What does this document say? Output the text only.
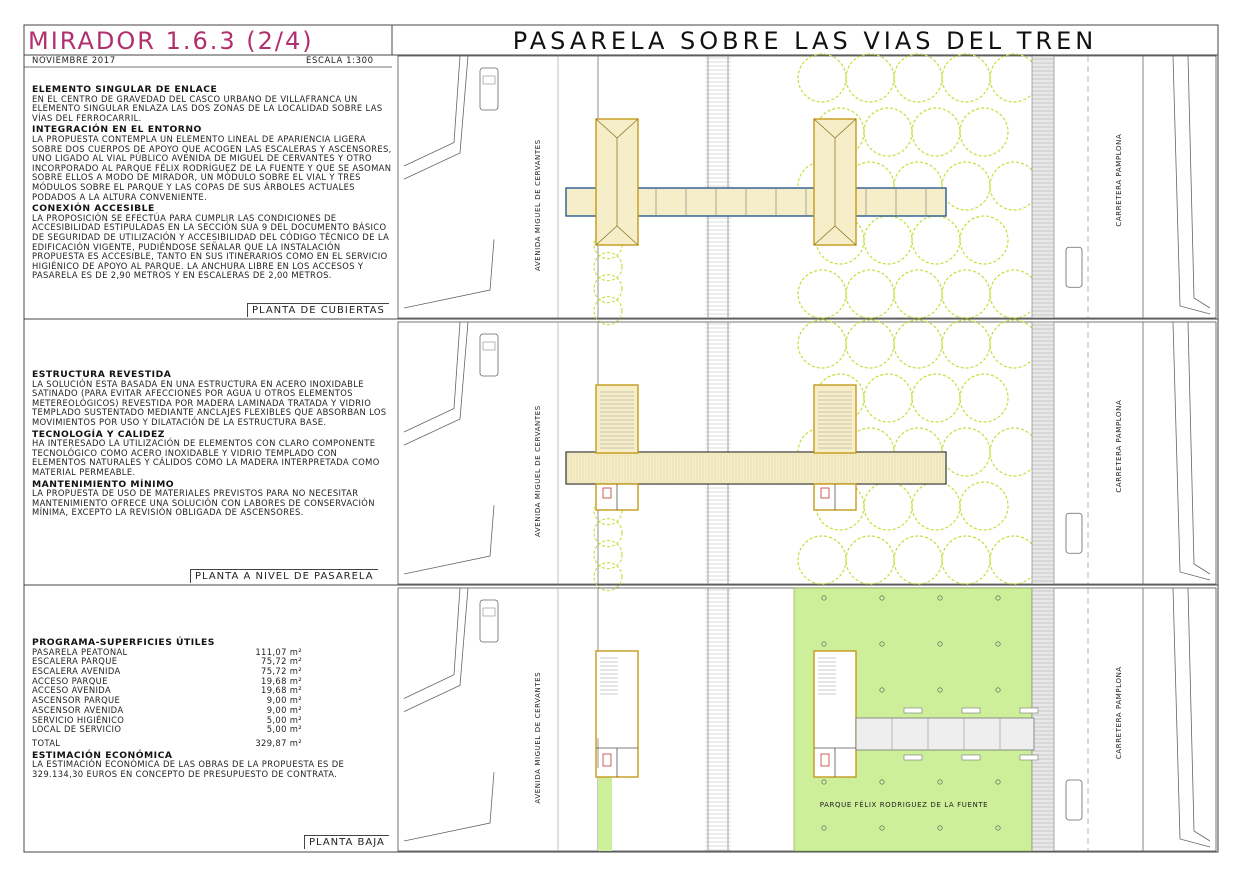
MIRADOR 1.6.3 (2/4)	PASARELA SOBRE LAS VIAS DEL TREN
NOVIEMBRE 2017	ESCALA 1:300
ELEMENTO SINGULAR DE ENLACE
EN EL CENTRO DE GRAVEDAD DEL CASCO URBANO DE VILLAFRANCA UN ELEMENTO SINGULAR ENLAZA LAS DOS ZONAS DE LA LOCALIDAD SOBRE LAS VÍAS DEL FERROCARRIL.
INTEGRACIÓN EN EL ENTORNO
LA PROPUESTA CONTEMPLA UN ELEMENTO LINEAL DE APARIENCIA LIGERA SOBRE DOS CUERPOS DE APOYO QUE ACOGEN LAS ESCALERAS Y ASCENSORES, UNO LIGADO AL VIAL PÚBLICO AVENIDA DE MIGUEL DE CERVANTES Y OTRO INCORPORADO AL PARQUE FÉLIX RODRÍGUEZ DE LA FUENTE Y QUE SE ASOMAN SOBRE ELLOS A MODO DE MIRADOR, UN MÓDULO SOBRE EL VIAL Y TRES MÓDULOS SOBRE EL PARQUE Y LAS COPAS DE SUS ÁRBOLES ACTUALES PODADOS A LA ALTURA CONVENIENTE.
CONEXIÓN ACCESIBLE
LA PROPOSICIÓN SE EFECTÚA PARA CUMPLIR LAS CONDICIONES DE ACCESIBILIDAD ESTIPULADAS EN LA SECCIÓN SUA 9 DEL DOCUMENTO BÁSICO DE SEGURIDAD DE UTILIZACIÓN Y ACCESIBILIDAD DEL CÓDIGO TÉCNICO DE LA EDIFICACIÓN VIGENTE, PUDIÉNDOSE SEÑALAR QUE LA INSTALACIÓN PROPUESTA ES ACCESIBLE, TANTO EN SUS ITINERARIOS COMO EN EL SERVICIO HIGIÉNICO DE APOYO AL PARQUE. LA ANCHURA LIBRE EN LOS ACCESOS Y PASARELA ES DE 2,90 METROS Y EN ESCALERAS DE 2,00 METROS.
ESTRUCTURA REVESTIDA
LA SOLUCIÓN ESTA BASADA EN UNA ESTRUCTURA EN ACERO INOXIDABLE SATINADO (PARA EVITAR AFECCIONES POR AGUA U OTROS ELEMENTOS METEREOLÓGICOS) REVESTIDA POR MADERA LAMINADA TRATADA Y VIDRIO TEMPLADO SUSTENTADO MEDIANTE ANCLAJES FLEXIBLES QUE ABSORBAN LOS MOVIMIENTOS POR USO Y DILATACIÓN DE LA ESTRUCTURA BASE.
TECNOLOGÍA Y CALIDEZ
HA INTERESADO LA UTILIZACIÓN DE ELEMENTOS CON CLARO COMPONENTE TECNOLÓGICO COMO ACERO INOXIDABLE Y VIDRIO TEMPLADO CON ELEMENTOS NATURALES Y CÁLIDOS COMO LA MADERA INTERPRETADA COMO MATERIAL PERMEABLE.
MANTENIMIENTO MÍNIMO
LA PROPUESTA DE USO DE MATERIALES PREVISTOS PARA NO NECESITAR MANTENIMIENTO OFRECE UNA SOLUCIÓN CON LABORES DE CONSERVACIÓN MÍNIMA, EXCEPTO LA REVISIÓN OBLIGADA DE ASCENSORES.
PROGRAMA-SUPERFICIES ÚTILES
PASARELA PEATONAL	111,07 m²
ESCALERA PARQUE	75,72 m²
ESCALERA AVENIDA	75,72 m²
ACCESO PARQUE	19,68 m²
ACCESO AVENIDA	19,68 m²
ASCENSOR PARQUE	9,00 m²
ASCENSOR AVENIDA	9,00 m²
SERVICIO HIGIÉNICO	5,00 m²
LOCAL DE SERVICIO	5,00 m²
TOTAL	329,87 m²
ESTIMACIÓN ECONÓMICA
LA ESTIMACIÓN ECONÓMICA DE LAS OBRAS DE LA PROPUESTA ES DE 329.134,30 EUROS EN CONCEPTO DE PRESUPUESTO DE CONTRATA.
AVENIDA MIGUEL DE CERVANTES	CARRETERA PAMPLONA
AVENIDA MIGUEL DE CERVANTES	CARRETERA PAMPLONA
AVENIDA MIGUEL DE CERVANTES
PARQUE FÉLIX RODRIGUEZ DE LA FUENTE
CARRETERA PAMPLONA
PLANTA DE CUBIERTAS
PLANTA A NIVEL DE PASARELA
PLANTA BAJA
